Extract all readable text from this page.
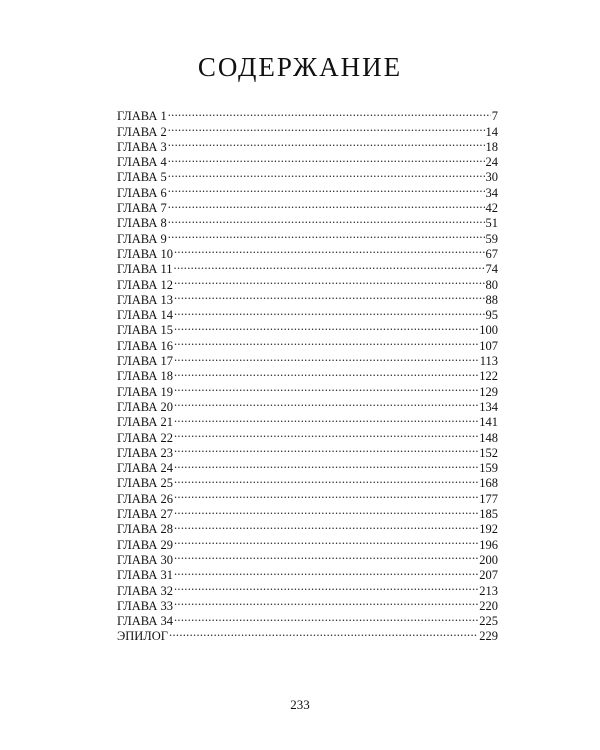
СОДЕРЖАНИЕ
ГЛАВА 1 .....	7
ГЛАВА 2 .....	14
ГЛАВА 3 .....	18
ГЛАВА 4 .....	24
ГЛАВА 5 .....	30
ГЛАВА 6 .....	34
ГЛАВА 7 .....	42
ГЛАВА 8 .....	51
ГЛАВА 9 .....	59
ГЛАВА 10 .....	67
ГЛАВА 11 .....	74
ГЛАВА 12 .....	80
ГЛАВА 13 .....	88
ГЛАВА 14 .....	95
ГЛАВА 15 .....	100
ГЛАВА 16 .....	107
ГЛАВА 17 .....	113
ГЛАВА 18 .....	122
ГЛАВА 19 .....	129
ГЛАВА 20 .....	134
ГЛАВА 21 .....	141
ГЛАВА 22 .....	148
ГЛАВА 23 .....	152
ГЛАВА 24 .....	159
ГЛАВА 25 .....	168
ГЛАВА 26 .....	177
ГЛАВА 27 .....	185
ГЛАВА 28 .....	192
ГЛАВА 29 .....	196
ГЛАВА 30 .....	200
ГЛАВА 31 .....	207
ГЛАВА 32 .....	213
ГЛАВА 33 .....	220
ГЛАВА 34 .....	225
ЭПИЛОГ .....	229
233
